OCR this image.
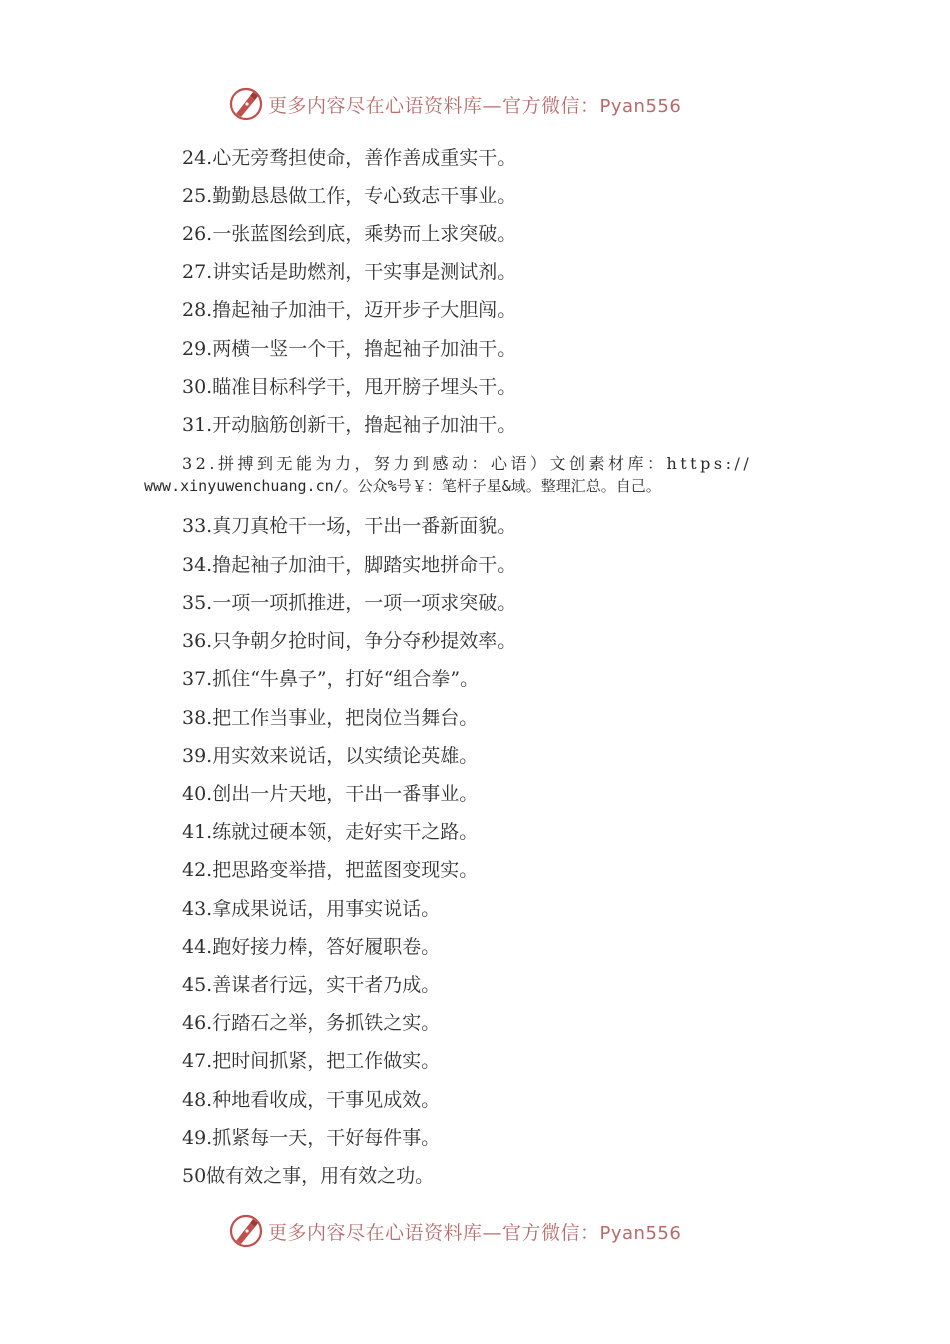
更多内容尽在心语资料库—官方微信：Pyan556
24.心无旁骛担使命，善作善成重实干。
25.勤勤恳恳做工作，专心致志干事业。
26.一张蓝图绘到底，乘势而上求突破。
27.讲实话是助燃剂，干实事是测试剂。
28.撸起袖子加油干，迈开步子大胆闯。
29.两横一竖一个干，撸起袖子加油干。
30.瞄准目标科学干，甩开膀子埋头干。
31.开动脑筋创新干，撸起袖子加油干。
32.拼搏到无能为力，努力到感动：心语）文创素材库：https://
www.xinyuwenchuang.cn/。公众%号￥：笔杆子星&域。整理汇总。自己。
33.真刀真枪干一场，干出一番新面貌。
34.撸起袖子加油干，脚踏实地拼命干。
35.一项一项抓推进，一项一项求突破。
36.只争朝夕抢时间，争分夺秒提效率。
37.抓住“牛鼻子”，打好“组合拳”。
38.把工作当事业，把岗位当舞台。
39.用实效来说话，以实绩论英雄。
40.创出一片天地，干出一番事业。
41.练就过硬本领，走好实干之路。
42.把思路变举措，把蓝图变现实。
43.拿成果说话，用事实说话。
44.跑好接力棒，答好履职卷。
45.善谋者行远，实干者乃成。
46.行踏石之举，务抓铁之实。
47.把时间抓紧，把工作做实。
48.种地看收成，干事见成效。
49.抓紧每一天，干好每件事。
50做有效之事，用有效之功。
更多内容尽在心语资料库—官方微信：Pyan556
